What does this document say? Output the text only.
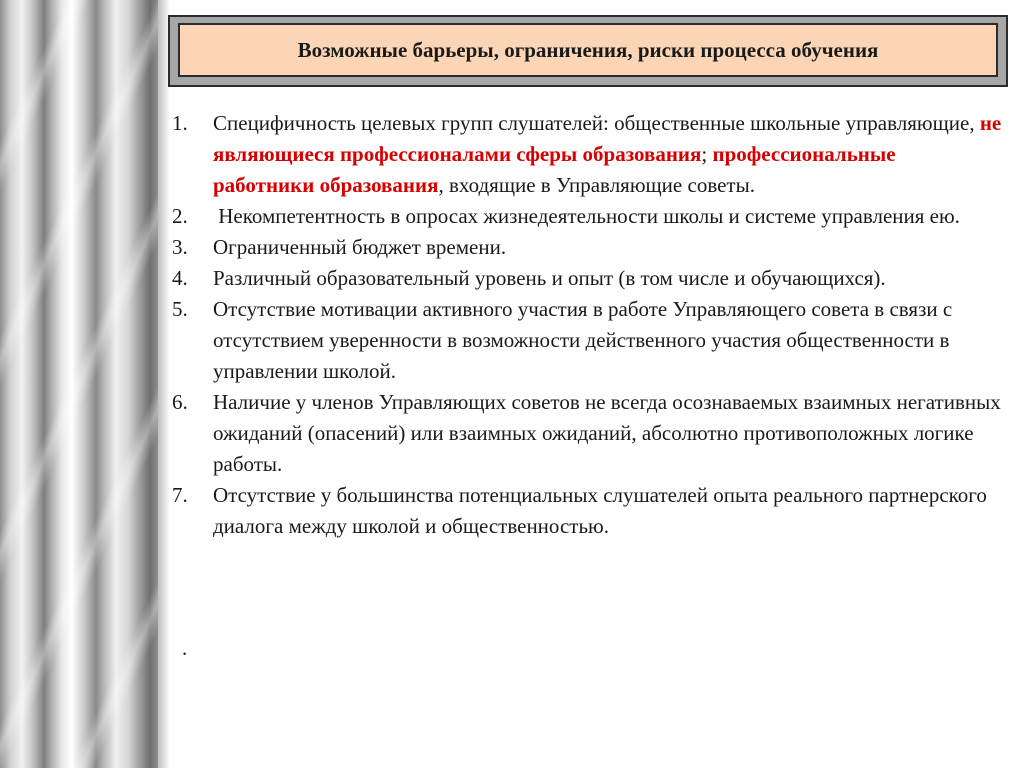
Возможные барьеры, ограничения, риски процесса обучения
1.	Специфичность целевых групп слушателей: общественные школьные управляющие, не являющиеся профессионалами сферы образования; профессиональные работники образования, входящие в Управляющие советы.
2.	Некомпетентность в опросах жизнедеятельности школы и системе управления ею.
3.	Ограниченный бюджет времени.
4.	Различный образовательный уровень и опыт (в том числе и обучающихся).
5.	Отсутствие мотивации активного участия в работе Управляющего совета в связи с отсутствием уверенности в возможности действенного участия общественности в управлении школой.
6.	Наличие у членов Управляющих советов не всегда осознаваемых взаимных негативных ожиданий (опасений) или взаимных ожиданий, абсолютно противоположных логике работы.
7.	Отсутствие у большинства потенциальных слушателей опыта реального партнерского диалога между школой и общественностью.
.
